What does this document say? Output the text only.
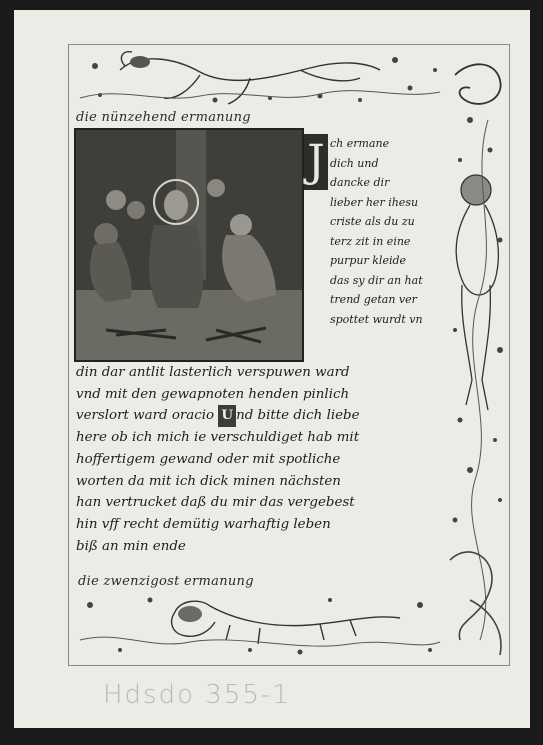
die nünzehend ermanung
J ch ermane
dich und
dancke dir
lieber her ihesu
criste als du zu
terz zit in eine
purpur kleide
das sy dir an hat
trend getan ver
spottet wurdt vn
din dar antlit lasterlich verspuwen ward
vnd mit den gewapnoten henden pinlich
verslort ward oracio U nd bitte dich liebe
here ob ich mich ie verschuldiget hab mit
hoffertigem gewand oder mit spotliche
worten da mit ich dick minen nächsten
han vertrucket daß du mir das vergebest
hin vff recht demütig warhaftig leben
biß an min ende
die zwenzigost ermanung
Hdsdo 355-1
